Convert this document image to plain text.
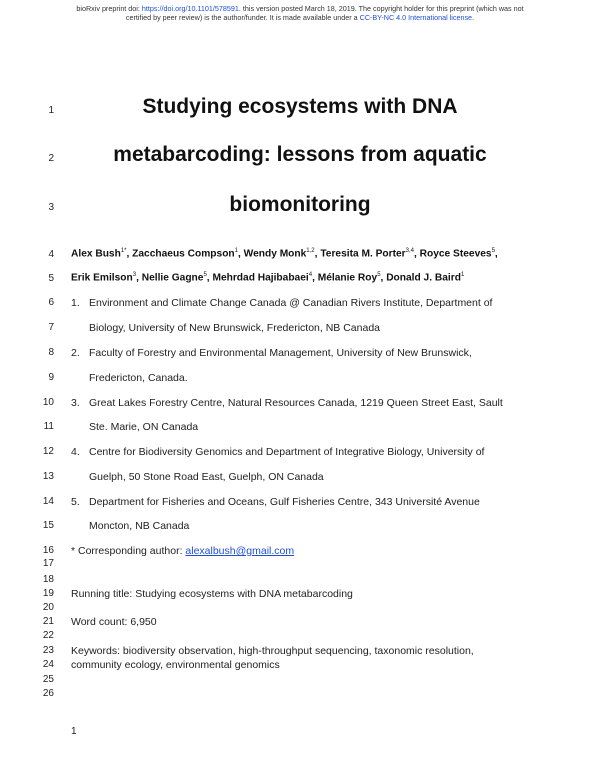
bioRxiv preprint doi: https://doi.org/10.1101/578591. this version posted March 18, 2019. The copyright holder for this preprint (which was not
certified by peer review) is the author/funder. It is made available under a CC-BY-NC 4.0 International license.
1
2
3
4
5
6
7
8
9
10
11
12
13
14
15
16
17
18
19
20
21
22
23
24
25
26
Studying ecosystems with DNA
metabarcoding: lessons from aquatic
biomonitoring
Alex Bush$^{1*}$, Zacchaeus Compson$^1$, Wendy Monk$^{1,2}$, Teresita M. Porter$^{3,4}$, Royce Steeves$^5$,
Erik Emilson$^3$, Nellie Gagne$^5$, Mehrdad Hajibabaei$^4$, Mélanie Roy$^5$, Donald J. Baird$^1$
1. Environment and Climate Change Canada @ Canadian Rivers Institute, Department of
Biology, University of New Brunswick, Fredericton, NB Canada
2. Faculty of Forestry and Environmental Management, University of New Brunswick,
Fredericton, Canada.
3. Great Lakes Forestry Centre, Natural Resources Canada, 1219 Queen Street East, Sault
Ste. Marie, ON Canada
4. Centre for Biodiversity Genomics and Department of Integrative Biology, University of
Guelph, 50 Stone Road East, Guelph, ON Canada
5. Department for Fisheries and Oceans, Gulf Fisheries Centre, 343 Université Avenue
Moncton, NB Canada
* Corresponding author: alexalbush@gmail.com
Running title: Studying ecosystems with DNA metabarcoding
Word count: 6,950
Keywords: biodiversity observation, high-throughput sequencing, taxonomic resolution,
community ecology, environmental genomics
1
